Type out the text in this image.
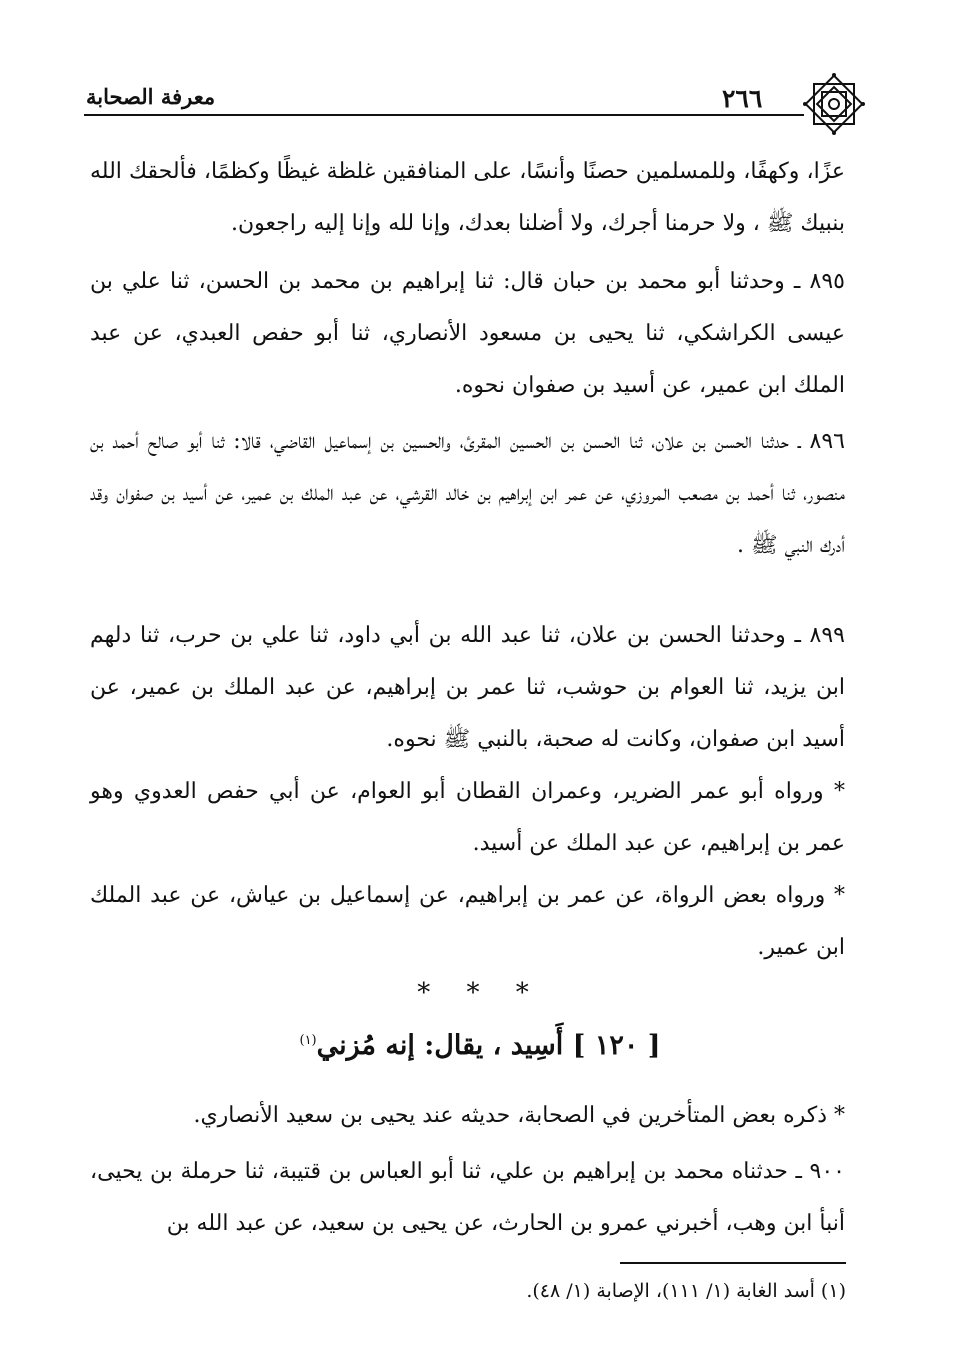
٢٦٦
معرفة الصحابة

عزًا، وكهفًا، وللمسلمين حصنًا وأنسًا، على المنافقين غلظة غيظًا وكظمًا، فألحقك الله بنبيك ﷺ ، ولا حرمنا أجرك، ولا أضلنا بعدك، وإنا لله وإنا إليه راجعون.

٨٩٥ ـ وحدثنا أبو محمد بن حبان قال: ثنا إبراهيم بن محمد بن الحسن، ثنا علي بن عيسى الكراشكي، ثنا يحيى بن مسعود الأنصاري، ثنا أبو حفص العبدي، عن عبد الملك ابن عمير، عن أسيد بن صفوان نحوه.

٨٩٦ ـ حدثنا الحسن بن علان، ثنا الحسن بن الحسين المقرئ، والحسين بن إسماعيل القاضي، قالا: ثنا أبو صالح أحمد بن منصور، ثنا أحمد بن مصعب المروزي، عن عمر ابن إبراهيم بن خالد القرشي، عن عبد الملك بن عمير، عن أسيد بن صفوان وقد أدرك النبي ﷺ .

٨٩٩ ـ وحدثنا الحسن بن علان، ثنا عبد الله بن أبي داود، ثنا علي بن حرب، ثنا دلهم ابن يزيد، ثنا العوام بن حوشب، ثنا عمر بن إبراهيم، عن عبد الملك بن عمير، عن أسيد ابن صفوان، وكانت له صحبة، بالنبي ﷺ نحوه.

* ورواه أبو عمر الضرير، وعمران القطان أبو العوام، عن أبي حفص العدوي وهو عمر بن إبراهيم، عن عبد الملك عن أسيد.

* ورواه بعض الرواة، عن عمر بن إبراهيم، عن إسماعيل بن عياش، عن عبد الملك ابن عمير.

* * *
[ ١٢٠ ] أَسِيد ، يقال: إنه مُزني$^{(١)}$

* ذكره بعض المتأخرين في الصحابة، حديثه عند يحيى بن سعيد الأنصاري.

٩٠٠ ـ حدثناه محمد بن إبراهيم بن علي، ثنا أبو العباس بن قتيبة، ثنا حرملة بن يحيى، أنبأ ابن وهب، أخبرني عمرو بن الحارث، عن يحيى بن سعيد، عن عبد الله بن

(١) أسد الغابة (١/ ١١١)، الإصابة (١/ ٤٨).
